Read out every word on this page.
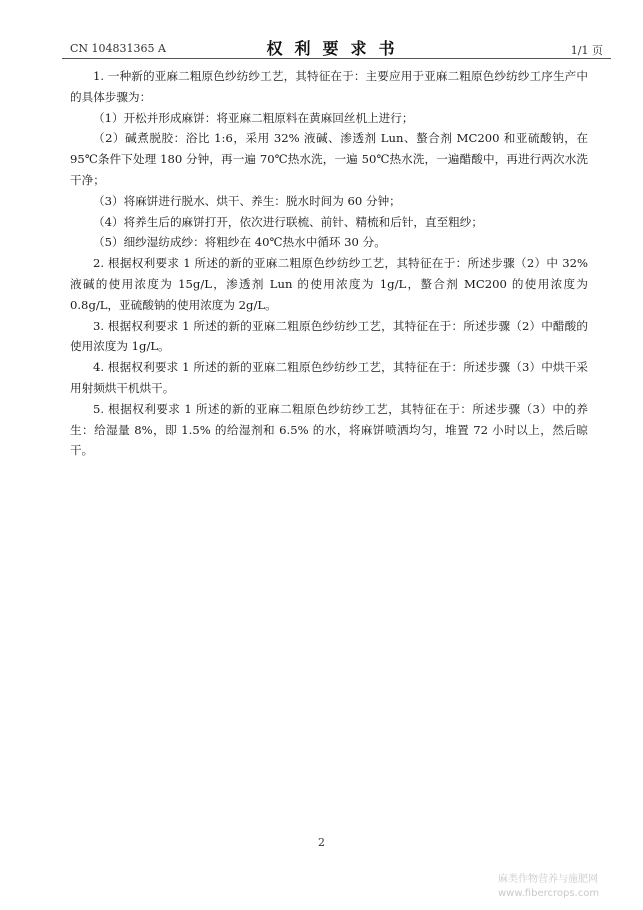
CN 104831365 A	权利要求书	1/1 页

1. 一种新的亚麻二粗原色纱纺纱工艺，其特征在于：主要应用于亚麻二粗原色纱纺纱工序生产中的具体步骤为：

（1）开松并形成麻饼：将亚麻二粗原料在黄麻回丝机上进行；

（2）碱煮脱胶：浴比 1:6，采用 32% 液碱、渗透剂 Lun、螯合剂 MC200 和亚硫酸钠，在 95℃条件下处理 180 分钟，再一遍 70℃热水洗，一遍 50℃热水洗，一遍醋酸中，再进行两次水洗干净；

（3）将麻饼进行脱水、烘干、养生：脱水时间为 60 分钟；

（4）将养生后的麻饼打开，依次进行联梳、前针、精梳和后针，直至粗纱；

（5）细纱湿纺成纱：将粗纱在 40℃热水中循环 30 分。

2. 根据权利要求 1 所述的新的亚麻二粗原色纱纺纱工艺，其特征在于：所述步骤（2）中 32% 液碱的使用浓度为 15g/L，渗透剂 Lun 的使用浓度为 1g/L，螯合剂 MC200 的使用浓度为 0.8g/L，亚硫酸钠的使用浓度为 2g/L。

3. 根据权利要求 1 所述的新的亚麻二粗原色纱纺纱工艺，其特征在于：所述步骤（2）中醋酸的使用浓度为 1g/L。

4. 根据权利要求 1 所述的新的亚麻二粗原色纱纺纱工艺，其特征在于：所述步骤（3）中烘干采用射频烘干机烘干。

5. 根据权利要求 1 所述的新的亚麻二粗原色纱纺纱工艺，其特征在于：所述步骤（3）中的养生：给湿量 8%，即 1.5% 的给湿剂和 6.5% 的水，将麻饼喷洒均匀，堆置 72 小时以上，然后晾干。

2
麻类作物营养与施肥网
www.fibercrops.com
